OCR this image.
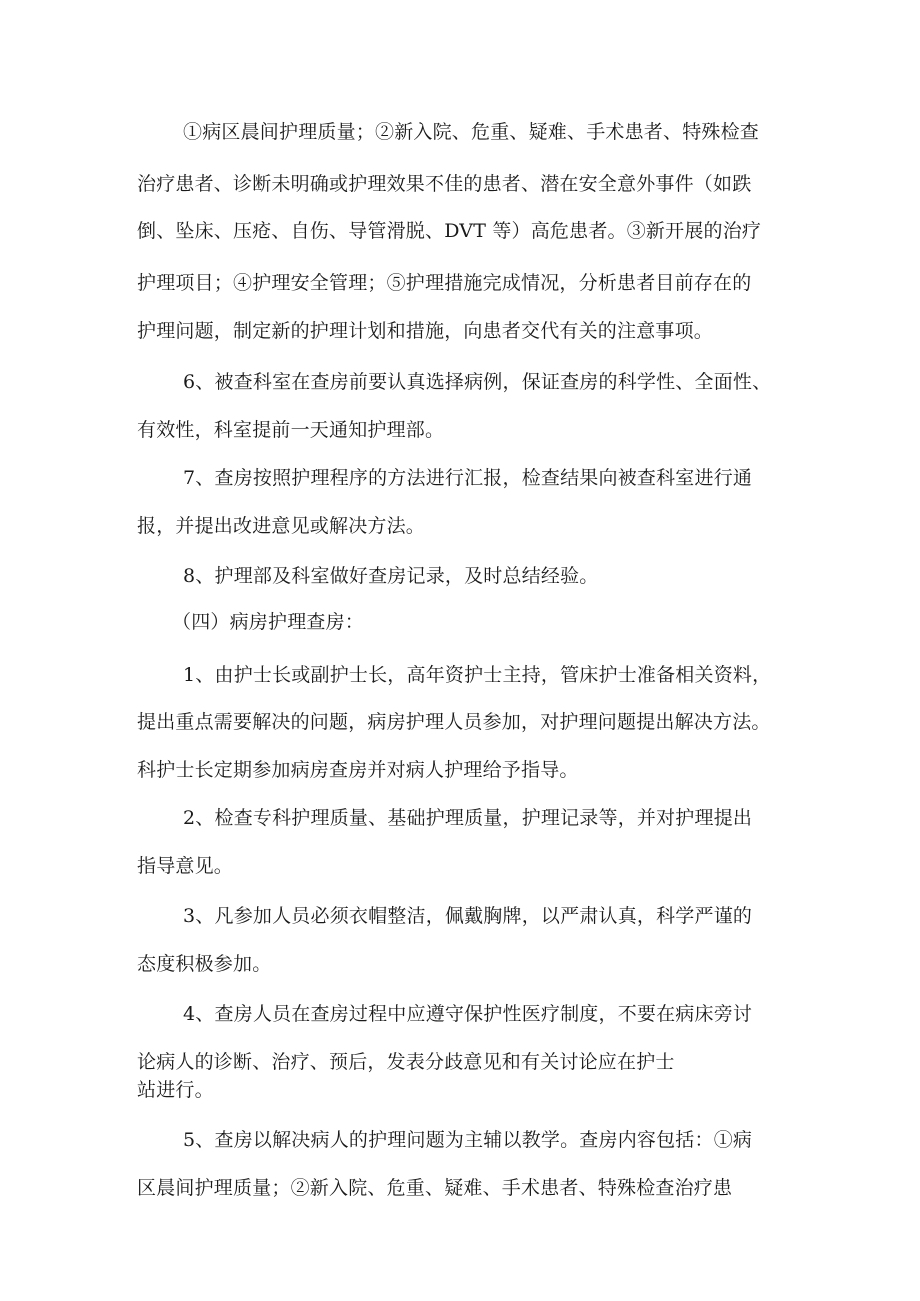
①病区晨间护理质量；②新入院、危重、疑难、手术患者、特殊检查

治疗患者、诊断未明确或护理效果不佳的患者、潜在安全意外事件（如跌

倒、坠床、压疮、自伤、导管滑脱、DVT 等）高危患者。③新开展的治疗

护理项目；④护理安全管理；⑤护理措施完成情况，分析患者目前存在的

护理问题，制定新的护理计划和措施，向患者交代有关的注意事项。

6、被查科室在查房前要认真选择病例，保证查房的科学性、全面性、

有效性，科室提前一天通知护理部。

7、查房按照护理程序的方法进行汇报，检查结果向被查科室进行通

报，并提出改进意见或解决方法。

8、护理部及科室做好查房记录，及时总结经验。

（四）病房护理查房：

1、由护士长或副护士长，高年资护士主持，管床护士准备相关资料，

提出重点需要解决的问题，病房护理人员参加，对护理问题提出解决方法。

科护士长定期参加病房查房并对病人护理给予指导。

2、检查专科护理质量、基础护理质量，护理记录等，并对护理提出

指导意见。

3、凡参加人员必须衣帽整洁，佩戴胸牌，以严肃认真，科学严谨的

态度积极参加。

4、查房人员在查房过程中应遵守保护性医疗制度，不要在病床旁讨

论病人的诊断、治疗、预后，发表分歧意见和有关讨论应在护士

站进行。

5、查房以解决病人的护理问题为主辅以教学。查房内容包括：①病

区晨间护理质量；②新入院、危重、疑难、手术患者、特殊检查治疗患
